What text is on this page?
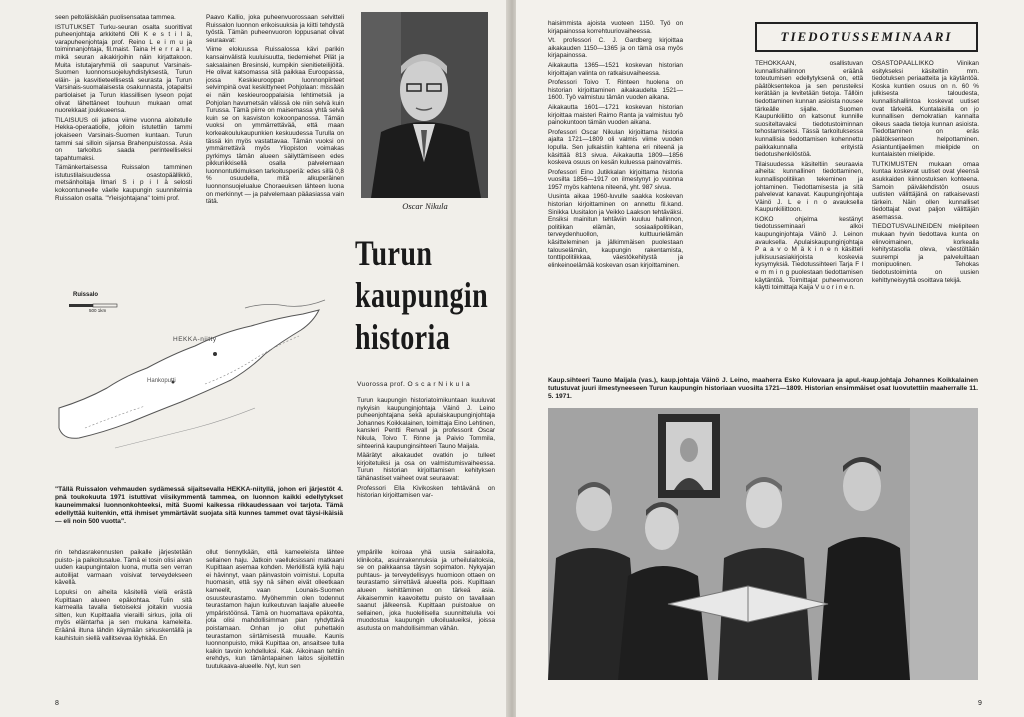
seen peltoläiskään puolisensataa tammea.

ISTUTUKSET Turku-seuran osalta suorittivat puheenjohtaja arkkitehti Olli K e s t i l ä, varapuheenjohtaja prof. Reino L e i m u ja toiminnanjohtaja, fil.maist. Taina H e r r a l a, mikä seuran aikakirjoihin näin kirjattakoon. Muita istutajaryhmiä oli saapunut Varsinais-Suomen luonnonsuojeluyhdistyksestä, Turun eläin- ja kasvitieteellisestä seurasta ja Turun Varsinais-suomalaisesta osakunnasta, jotapaitsi partiolaiset ja Turun klassillisen lyseon pojat olivat lähettäneet touhuun mukaan omat nuorekkaat joukkueensa.

TILAISUUS oli jatkoa viime vuonna aloitetulle Hekka-operaatiolle, jolloin istutettiin tammi jokaiseen Varsinais-Suomen kuntaan. Turun tammi sai silloin sijansa Brahenpuistossa. Asia on tarkoitus saada perinteelliseksi tapahtumaksi.

Tämänkertaisessa Ruissalon tamminen istutustilaisuudessa osastopäällikkö, metsänhoitaja Ilmari S i p i l ä selosti kokoontuneelle väelle kaupungin suunnitelmia Ruissalon osalta. "Yleisjohtajana" toimi prof.

Paavo Kallio, joka puheenvuorossaan selvitteli Ruissalon luonnon erikoisuuksia ja kiitti tehdystä työstä. Tämän puheenvuoron loppusanat olivat seuraavat:

Viime elokuussa Ruissalossa kävi parikin kansainvälistä kuuluisuutta, tiedemiehet Pilät ja saksalainen Bresinski, kumpikin sienitieteilijöitä. He olivat katsomassa sitä paikkaa Euroopassa, jossa Keskieurooppan luonnonpiirteet selvimpinä ovat keskittyneet Pohjolaan: missään ei näin keskieurooppalaisia lehtimetsiä ja Pohjolan havumetsän välissä ole niin selvä kuin Turussa. Tämä piirre on maisemassa yhtä selvä kuin se on kasviston kokoonpanossa. Tämän vuoksi on ymmärrettävää, että maan korkeakoulukaupunkien keskuudessa Turulla on tässä kin myös vastattavaa. Tämän vuoksi on ymmärrettävä myös Yliopiston voimakas pyrkimys tämän alueen säilyttämiseen edes pikkuriikkisellä osalla palvelemaan luonnontutkimuksen tarkoitusperiä: edes sillä 0,8 % osuudella, mitä alkuperäinen luonnonsuojelualue Choraeuksen lähteen luona on merkinnyt — ja palvelemaan pääasiassa vain tätä.	Oscar Nikula
Turun
kaupungin
historia
Vuorossa prof. O s c a r N i k u l a

Turun kaupungin historiatoimikuntaan kuuluvat nykyisin kaupunginjohtaja Väinö J. Leino puheenjohtajana sekä apulaiskaupunginjohtaja Johannes Koikkalainen, toimittaja Eino Lehtinen, kansleri Pentti Renvall ja professorit Oscar Nikula, Toivo T. Rinne ja Paivio Tommila, sihteerinä kaupunginsihteeri Tauno Maijala.

Määrätyt aikakaudet ovatkin jo tulleet kirjoitetuiksi ja osa on valmistumisvaiheessa. Turun historian kirjoittamisen kehityksen tähänastiset vaiheet ovat seuraavat:

Professori Ella Kivikosken tehtävänä on historian kirjoittamisen var-

Ruissalo
500 1km
HEKKA-niitty
Hankoputti
"Tällä Ruissalon vehmauden sydämessä sijaitsevalla HEKKA-niityllä, johon eri järjestöt 4. pnä toukokuuta 1971 istuttivat viisikymmentä tammea, on luonnon kaikki edellytykset kauneimmaksi luonnonkohteeksi, mitä Suomi kaikessa rikkaudessaan voi tarjota. Tämä edellyttää kuitenkin, että ihmiset ymmärtävät suojata sitä kunnes tammet ovat täysi-ikäisiä — eli noin 500 vuotta".

rin tehdasrakennusten paikalle järjestetään puisto- ja paikoitusalue. Tämä ei tosin olisi aivan uuden kaupungintalon luona, mutta sen verran autoilijat varmaan voisivat terveydekseen kävellä.

Lopuksi on aiheita käsitellä vielä erästä Kupittaan alueen epäkohtaa. Tulin sitä karmealla tavalla tietoiseksi joitakin vuosia sitten, kun Kupittaalla vierailli sirkus, jolla oli myös eläintarha ja sen mukana kameleita. Eräänä iltuna lähdin käymään sirkuskentällä ja kauhistuin siellä vallitsevaa löyhkää. En

ollut tiennytkään, että kameeleista lähtee sellainen haju. Jatkoin vaelluksissani matkaani Kupittaan asemaa kohden. Merkillistä kyllä haju ei hävinnyt, vaan päinvastoin voimistui. Lopulta huomasin, että syy nä siihen eivät olleetkaan kameelit, vaan Lounais-Suomen osuusteurastamo. Myöhemmin olen todennut teurastamon hajun kulkeutuvan laajalle alueelle ympäristöönsä. Tämä on huomattava epäkohta, jota olisi mahdollisimman pian ryhdyttävä poistamaan. Onhan jo ollut puhettakin teurastamon siirtämisestä muualle. Kaunis luonnonpuisto, mikä Kupittaa on, ansaitsee tulla kaikin tavoin kohdelluksi. Kak. Aikoinaan tehtiin erehdys, kun tämäntapainen laitos sijoitettiin tuutukaava-alueelle. Nyt, kun sen

ympärille koiroaa yhä uusia sairaaloita, klinikoita, asuinrakennuksia ja urheilulaitoksia, se on paikkaansa täysin sopimaton. Nykyajan puhtaus- ja terveydellisyys huomioon ottaen on teurastamo siirrettävä alueelta pois. Kupittaan alueen kehittäminen on tärkeä asia. Aikaisemmin kaavoitettu puisto on tavallaan saanut jälkeensä. Kupittaan puistoalue on sellainen, joka huolellisella suunnittelulla voi muodostua kaupungin ulkoilualueiksi, joissa asutusta on mahdollisimman vähän.

8

haisimmista ajoista vuoteen 1150. Työ on kirjapainossa korrehtuuriovaiheessa.

Vt. professori C. J. Gardberg kirjoittaa aikakauden 1150—1365 ja on tämä osa myös kirjapainossa.

Aikakautta 1365—1521 koskevan historian kirjoittajan valinta on ratkaisuvaiheessa.

Professori Toivo T. Rinteen huolena on historian kirjoittaminen aikakaudelta 1521—1600. Työ valmistuu tämän vuoden aikana.

Aikakautta 1601—1721 koskevan historian kirjoittaa maisteri Raimo Ranta ja valmistuu työ painokuntoon tämän vuoden aikana.

Professori Oscar Nikulan kirjoittama historia ajalta 1721—1809 oli valmis viime vuoden lopulla. Sen julkaistiin kahtena eri niteenä ja käsittää 813 sivua. Aikakautta 1809—1856 koskeva osuus on kesän kuluessa painovalmis.

Professori Eino Jutikkalan kirjoittama historia vuosilta 1856—1917 on ilmestynyt jo vuonna 1957 myös kahtena niteenä, yht. 987 sivua.

Uusinta aikaa 1960-luvulle saakka koskevan historian kirjoittaminen on annettu fil.kand. Sinikka Uusitalon ja Veikko Laakson tehtäväksi. Ensiksi mainitun tehtäviin kuuluu hallinnon, politiikan elämän, sosiaalipolitiikan, terveydenhuollon, kulttuurielämän käsitteleminen ja jälkimmäisen puolestaan talouselämän, kaupungin rakentamista, tonttipolitiikkaa, väestökehitystä ja elinkeinoelämää koskevan osan kirjoittaminen.

TIEDOTUSSEMINAARI

TEHOKKAAN, osallistuvan kunnallishallinnon eräänä toteutumisen edellytyksenä on, että päätöksentekoa ja sen perusteiksi kerätään ja levitetään tietoja. Tällöin tiedottaminen kunnan asioista nousee tärkeälle sijalle. Suomen Kaupunkiliitto on katsonut kunnille suositeltavaksi tiedotustoiminnan tehostamiseksi. Tässä tarkoituksessa kunnallisia tiedottamisen kohennettu paikkakunnalla erityistä tiedotushenkilöstöä.

Tilaisuudessa käsiteltiin seuraavia aiheita: kunnallinen tiedottaminen, kunnallispolitiikan tekeminen ja johtaminen. Tiedottamisesta ja sitä palvelevat kanavat. Kaupunginjohtaja Väinö J. L e i n o avauksella Kaupunkiliittoon.

KOKO ohjelma kestänyt tiedotusseminaari alkoi kaupunginjohtaja Väinö J. Leinon avauksella. Apulaiskaupunginjohtaja P a a v o M ä k i n e n käsitteli julkisuusasiakirjoista koskevia kysymyksiä. Tiedotussihteeri Tarja F l e m m i n g puolestaan tiedottamisen käytäntöä. Toimittajat puheenvuoron käytti toimittaja Kaija V u o r i n e n.

OSASTOPÄÄLLIKKÖ Viinikan esitykseksi käsiteltiin mm. tiedotuksen periaatteita ja käytäntöä. Koska kuntien osuus on n. 60 % julkisesta taloudesta, kunnallishallintoa koskevat uutiset ovat tärkeitä. Kuntalaisilla on jo kunnallisen demokratian kannalta oikeus saada tietoja kunnan asioista. Tiedottaminen on eräs päätöksenteon helpottaminen. Asiantuntijaelimen mielipide on kuntalaisten mielipide.

TUTKIMUSTEN mukaan omaa kuntaa koskevat uutiset ovat yleensä asukkaiden kiinnostuksen kohteena. Samoin päivälehdistön osuus uutisten välittäjänä on ratkaisevasti tärkein. Näin ollen kunnalliset tiedottajat ovat paljon välittäjän asemassa.

TIEDOTUSVALINEIDEN mielipiteen mukaan hyvin tiedottava kunta on elinvoimainen, korkealla kehitystasolla oleva, väestöltään suurempi ja palveluiltaan monipuolinen. Tehokas tiedotustoiminta on uusien kehittyneisyyttä osoittava tekijä.

Kaup.sihteeri Tauno Maijala (vas.), kaup.johtaja Väinö J. Leino, maaherra Esko Kulovaara ja apul.-kaup.johtaja Johannes Koikkalainen tutustuvat juuri ilmestyneeseen Turun kaupungin historiaan vuosilta 1721—1809. Historian ensimmäiset osat luovutettiin maaherralle 11. 5. 1971.
9
